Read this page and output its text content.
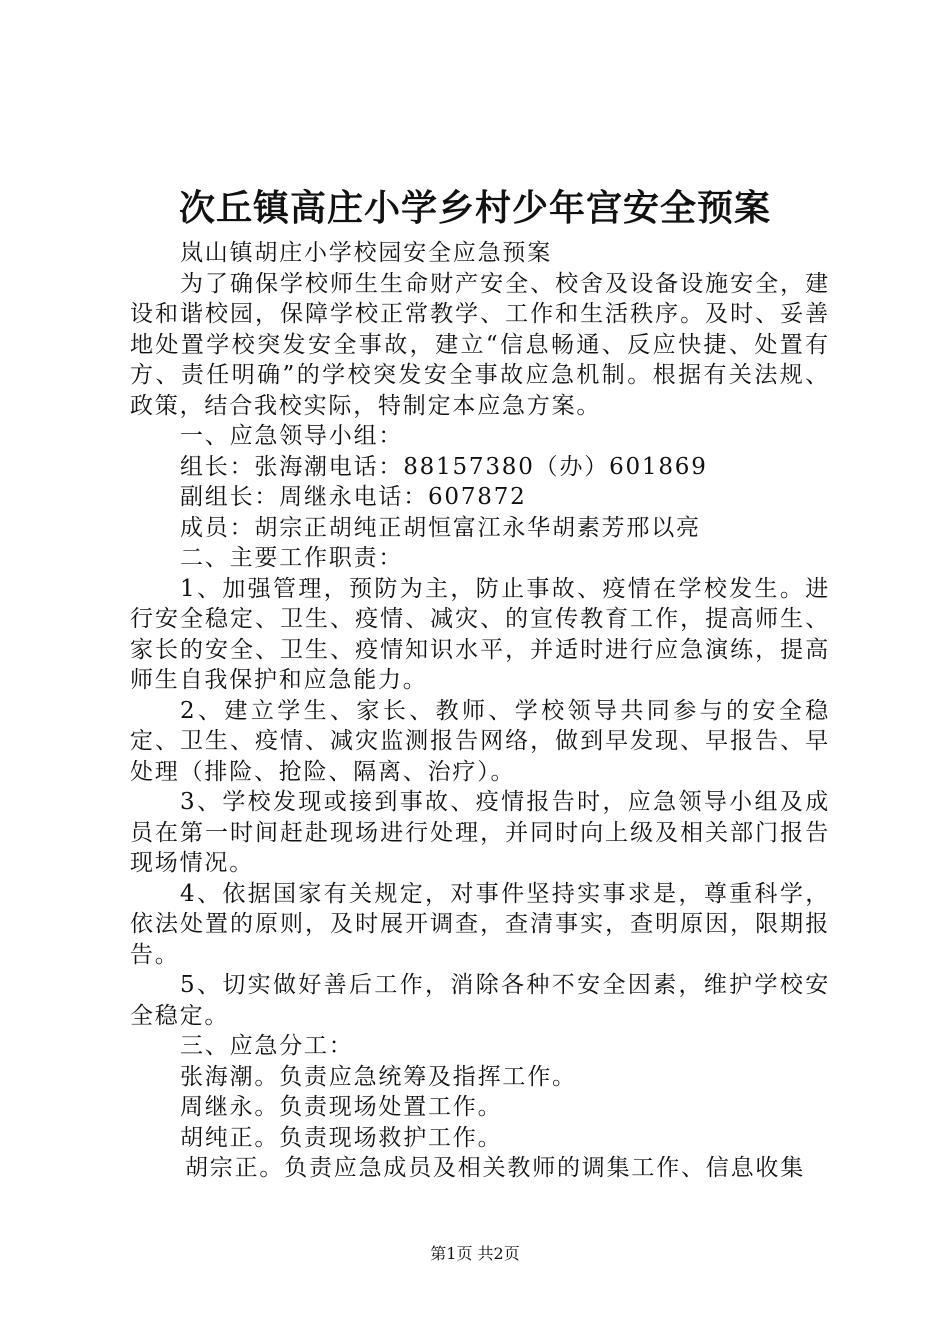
次丘镇高庄小学乡村少年宫安全预案

岚山镇胡庄小学校园安全应急预案

为了确保学校师生生命财产安全、校舍及设备设施安全，建设和谐校园，保障学校正常教学、工作和生活秩序。及时、妥善地处置学校突发安全事故，建立“信息畅通、反应快捷、处置有方、责任明确”的学校突发安全事故应急机制。根据有关法规、政策，结合我校实际，特制定本应急方案。

一、应急领导小组：

组长：张海潮电话：88157380（办）601869

副组长：周继永电话：607872

成员：胡宗正胡纯正胡恒富江永华胡素芳邢以亮

二、主要工作职责：

1、加强管理，预防为主，防止事故、疫情在学校发生。进行安全稳定、卫生、疫情、减灾、的宣传教育工作，提高师生、家长的安全、卫生、疫情知识水平，并适时进行应急演练，提高师生自我保护和应急能力。

2、建立学生、家长、教师、学校领导共同参与的安全稳定、卫生、疫情、减灾监测报告网络，做到早发现、早报告、早处理（排险、抢险、隔离、治疗）。

3、学校发现或接到事故、疫情报告时，应急领导小组及成员在第一时间赶赴现场进行处理，并同时向上级及相关部门报告现场情况。

4、依据国家有关规定，对事件坚持实事求是，尊重科学，依法处置的原则，及时展开调查，查清事实，查明原因，限期报告。

5、切实做好善后工作，消除各种不安全因素，维护学校安全稳定。

三、应急分工：

张海潮。负责应急统筹及指挥工作。

周继永。负责现场处置工作。

胡纯正。负责现场救护工作。

胡宗正。负责应急成员及相关教师的调集工作、信息收集

第1页 共2页
